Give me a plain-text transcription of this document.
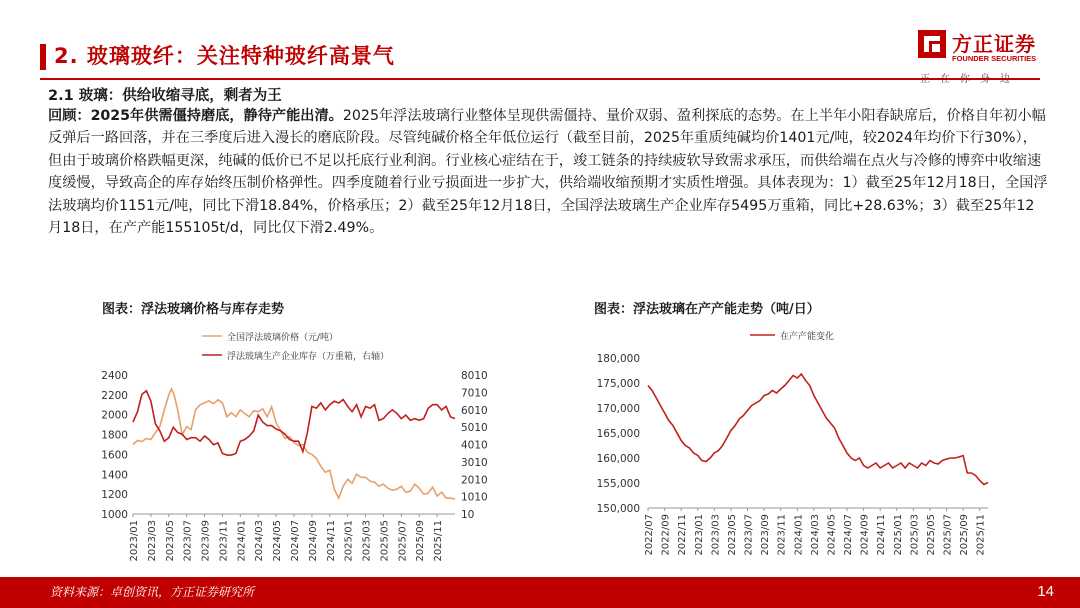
2. 玻璃玻纤：关注特种玻纤高景气	方正证券
FOUNDER SECURITIES
2.1 玻璃：供给收缩寻底，剩者为王
回顾：2025年供需僵持磨底，静待产能出清。2025年浮法玻璃行业整体呈现供需僵持、量价双弱、盈利探底的态势。在上半年小阳春缺席后，价格自年初小幅反弹后一路回落，并在三季度后进入漫长的磨底阶段。尽管纯碱价格全年低位运行（截至目前，2025年重质纯碱均价1401元/吨，较2024年均价下行30%），但由于玻璃价格跌幅更深，纯碱的低价已不足以托底行业利润。行业核心症结在于，竣工链条的持续疲软导致需求承压，而供给端在点火与冷修的博弈中收缩速度缓慢，导致高企的库存始终压制价格弹性。四季度随着行业亏损面进一步扩大，供给端收缩预期才实质性增强。具体表现为：1）截至25年12月18日，全国浮法玻璃均价1151元/吨，同比下滑18.84%，价格承压；2）截至25年12月18日，全国浮法玻璃生产企业库存5495万重箱，同比+28.63%；3）截至25年12月18日，在产产能155105t/d，同比仅下滑2.49%。
图表：浮法玻璃价格与库存走势
全国浮法玻璃价格（元/吨）
浮法玻璃生产企业库存（万重箱，右轴）
1000
1200
1400
1600
1800
2000
2200
2400
10
1010
2010
3010
4010
5010
6010
7010
8010
2023/01 2023/03 2023/05 2023/07 2023/09 2023/11 2024/01 2024/03 2024/05 2024/07 2024/09 2024/11 2025/01 2025/03 2025/05 2025/07 2025/09 2025/11
图表：浮法玻璃在产产能走势（吨/日）
在产产能变化
150,000
155,000
160,000
165,000
170,000
175,000
180,000
2022/07 2022/09 2022/11 2023/01 2023/03 2023/05 2023/07 2023/09 2023/11 2024/01 2024/03 2024/05 2024/07 2024/09 2024/11 2025/01 2025/03 2025/05 2025/07 2025/09 2025/11
资料来源：卓创资讯，方正证券研究所	14
